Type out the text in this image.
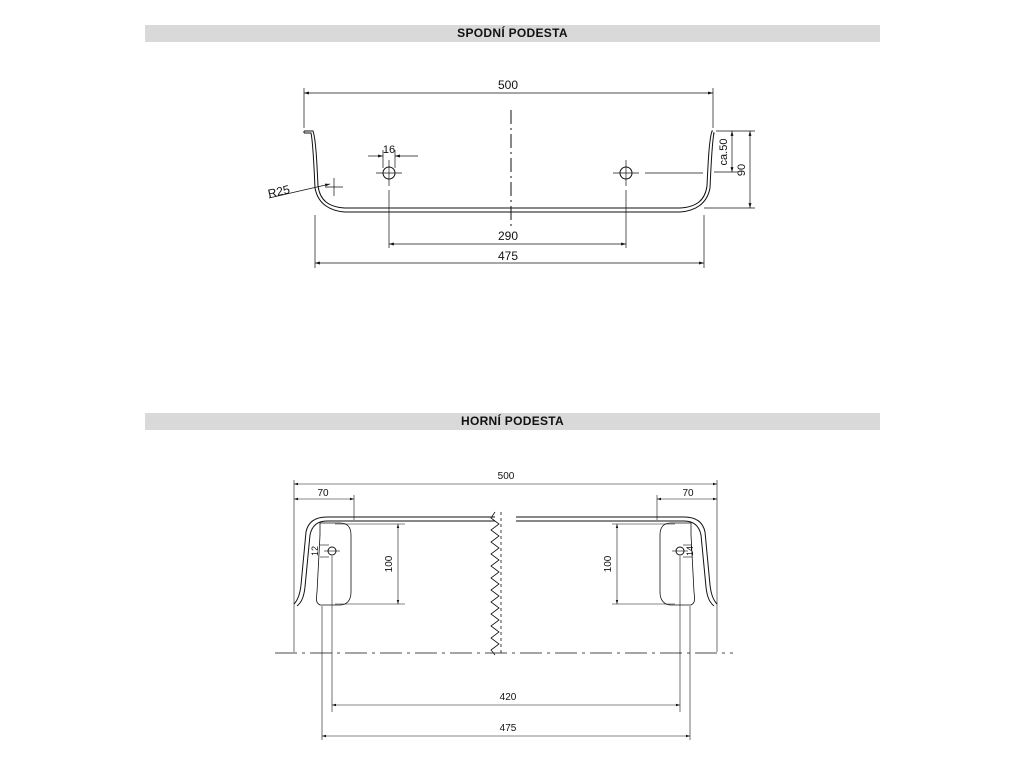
SPODNÍ PODESTA
HORNÍ PODESTA
500
16
R25
290
475
ca.50
90
500
70	70
100	100
12	14
420
475
